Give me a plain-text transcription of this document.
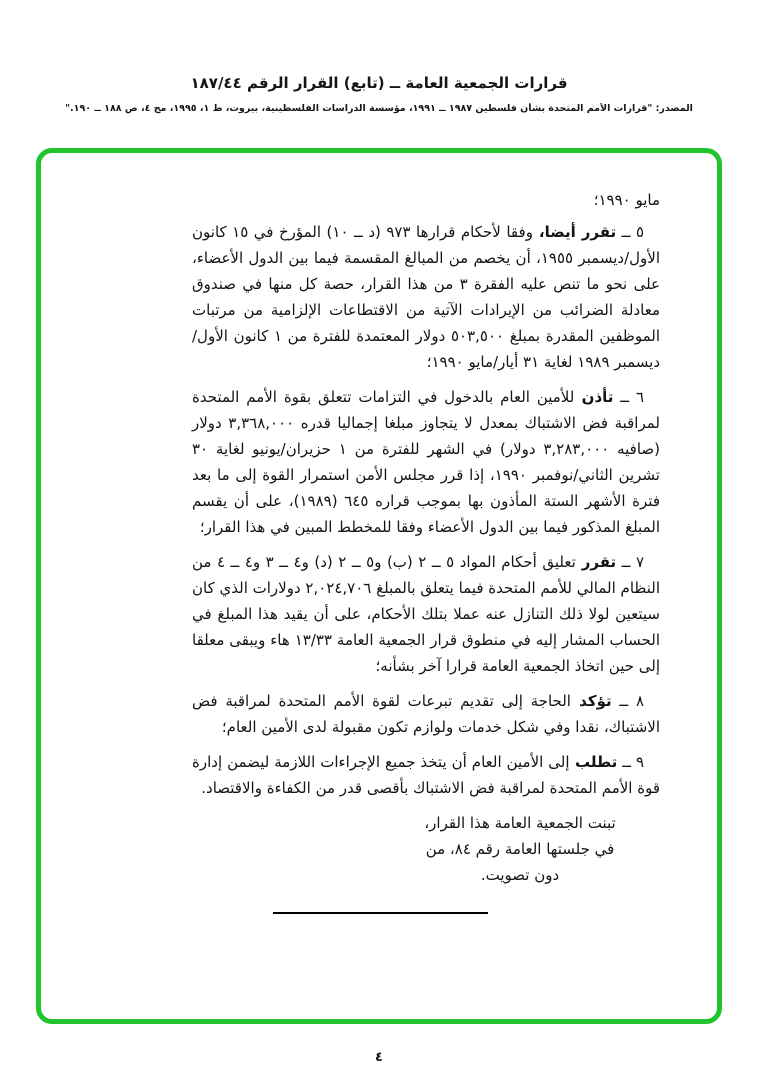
قرارات الجمعية العامة ــ (تابع) القرار الرقم ١٨٧/٤٤
المصدر: "قرارات الأمم المتحدة بشأن فلسطين ١٩٨٧ ــ ١٩٩١، مؤسسة الدراسات الفلسطينية، بيروت، ط ١، ١٩٩٥، مج ٤، ص ١٨٨ ــ ١٩٠."

مايو ١٩٩٠؛

٥ ــ تقرر أيضا، وفقا لأحكام قرارها ٩٧٣ (د ــ ١٠) المؤرخ في ١٥ كانون الأول/ديسمبر ١٩٥٥، أن يخصم من المبالغ المقسمة فيما بين الدول الأعضاء، على نحو ما تنص عليه الفقرة ٣ من هذا القرار، حصة كل منها في صندوق معادلة الضرائب من الإيرادات الآتية من الاقتطاعات الإلزامية من مرتبات الموظفين المقدرة بمبلغ ٥٠٣,٥٠٠ دولار المعتمدة للفترة من ١ كانون الأول/ديسمبر ١٩٨٩ لغاية ٣١ أيار/مايو ١٩٩٠؛

٦ ــ تأذن للأمين العام بالدخول في التزامات تتعلق بقوة الأمم المتحدة لمراقبة فض الاشتباك بمعدل لا يتجاوز مبلغا إجماليا قدره ٣,٣٦٨,٠٠٠ دولار (صافيه ٣,٢٨٣,٠٠٠ دولار) في الشهر للفترة من ١ حزيران/يونيو لغاية ٣٠ تشرين الثاني/نوفمبر ١٩٩٠، إذا قرر مجلس الأمن استمرار القوة إلى ما بعد فترة الأشهر الستة المأذون بها بموجب قراره ٦٤٥ (١٩٨٩)، على أن يقسم المبلغ المذكور فيما بين الدول الأعضاء وفقا للمخطط المبين في هذا القرار؛

٧ ــ تقرر تعليق أحكام المواد ٥ ــ ٢ (ب) و٥ ــ ٢ (د) و٤ ــ ٣ و٤ ــ ٤ من النظام المالي للأمم المتحدة فيما يتعلق بالمبلغ ٢,٠٢٤,٧٠٦ دولارات الذي كان سيتعين لولا ذلك التنازل عنه عملا بتلك الأحكام، على أن يقيد هذا المبلغ في الحساب المشار إليه في منطوق قرار الجمعية العامة ١٣/٣٣ هاء ويبقى معلقا إلى حين اتخاذ الجمعية العامة قرارا آخر بشأنه؛

٨ ــ تؤكد الحاجة إلى تقديم تبرعات لقوة الأمم المتحدة لمراقبة فض الاشتباك، نقدا وفي شكل خدمات ولوازم تكون مقبولة لدى الأمين العام؛

٩ ــ تطلب إلى الأمين العام أن يتخذ جميع الإجراءات اللازمة ليضمن إدارة قوة الأمم المتحدة لمراقبة فض الاشتباك بأقصى قدر من الكفاءة والاقتصاد.

تبنت الجمعية العامة هذا القرار،
في جلستها العامة رقم ٨٤، من
دون تصويت.
٤
